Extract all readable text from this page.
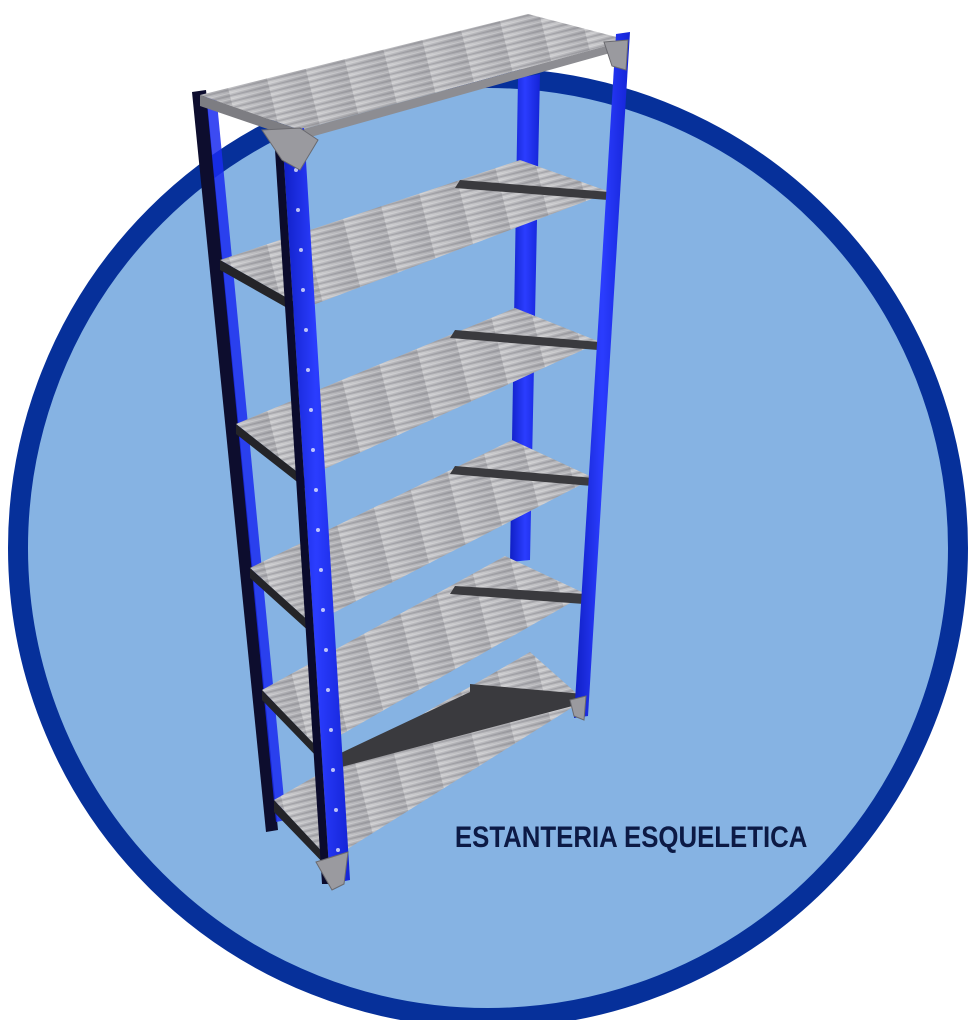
ESTANTERIA ESQUELETICA
